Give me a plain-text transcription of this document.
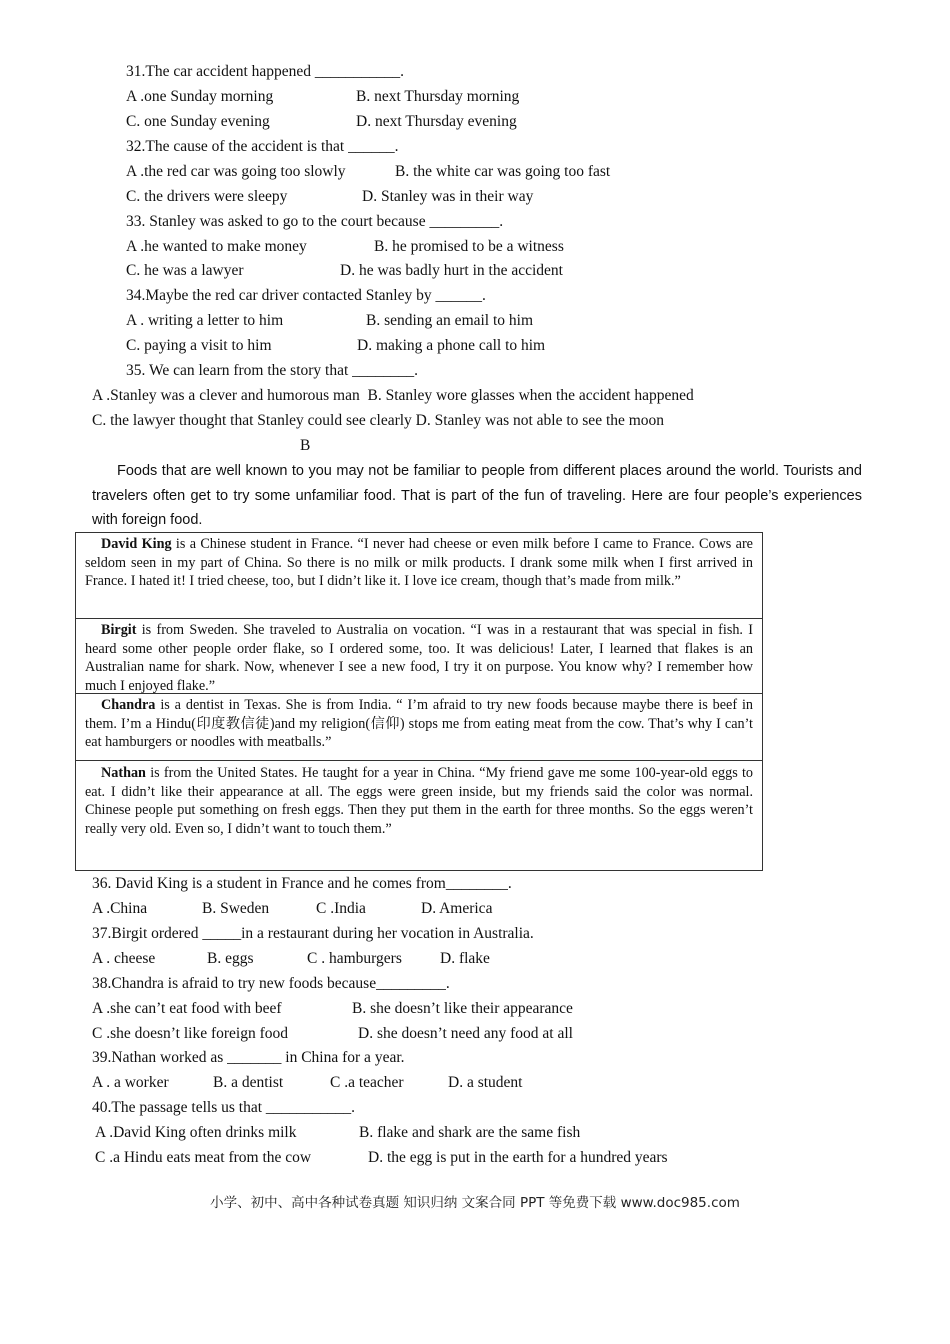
31.The car accident happened ___________.
A .one Sunday morning	B. next Thursday morning
C. one Sunday evening	D. next Thursday evening
32.The cause of the accident is that ______.
A .the red car was going too slowly	B. the white car was going too fast
C. the drivers were sleepy	D. Stanley was in their way
33. Stanley was asked to go to the court because _________.
A .he wanted to make money	B. he promised to be a witness
C. he was a lawyer	D. he was badly hurt in the accident
34.Maybe the red car driver contacted Stanley by ______.
A . writing a letter to him	B. sending an email to him
C. paying a visit to him	D. making a phone call to him
35. We can learn from the story that ________.
A .Stanley was a clever and humorous man  B. Stanley wore glasses when the accident happened
C. the lawyer thought that Stanley could see clearly D. Stanley was not able to see the moon
B
Foods that are well known to you may not be familiar to people from different places around the world. Tourists and travelers often get to try some unfamiliar food. That is part of the fun of traveling. Here are four people’s experiences with foreign food.
David King is a Chinese student in France. “I never had cheese or even milk before I came to France. Cows are seldom seen in my part of China. So there is no milk or milk products. I drank some milk when I first arrived in France. I hated it! I tried cheese, too, but I didn’t like it. I love ice cream, though that’s made from milk.”
Birgit is from Sweden. She traveled to Australia on vocation. “I was in a restaurant that was special in fish. I heard some other people order flake, so I ordered some, too. It was delicious! Later, I learned that flakes is an Australian name for shark. Now, whenever I see a new food, I try it on purpose. You know why? I remember how much I enjoyed flake.”
Chandra is a dentist in Texas. She is from India. “ I’m afraid to try new foods because maybe there is beef in them. I’m a Hindu(印度教信徒)and my religion(信仰) stops me from eating meat from the cow. That’s why I can’t eat hamburgers or noodles with meatballs.”
Nathan is from the United States. He taught for a year in China. “My friend gave me some 100-year-old eggs to eat. I didn’t like their appearance at all. The eggs were green inside, but my friends said the color was normal. Chinese people put something on fresh eggs. Then they put them in the earth for three months. So the eggs weren’t really very old. Even so, I didn’t want to touch them.”
36. David King is a student in France and he comes from________.
A .China	B. Sweden	C .India	D. America
37.Birgit ordered _____in a restaurant during her vocation in Australia.
A . cheese	B. eggs	C . hamburgers D. flake
38.Chandra is afraid to try new foods because_________.
A .she can’t eat food with beef	B. she doesn’t like their appearance
C .she doesn’t like foreign food	D. she doesn’t need any food at all
39.Nathan worked as _______ in China for a year.
A . a worker	B. a dentist	C .a teacher	D. a student
40.The passage tells us that ___________.
A .David King often drinks milk	B. flake and shark are the same fish
C .a Hindu eats meat from the cow	D. the egg is put in the earth for a hundred years
小学、初中、高中各种试卷真题 知识归纳 文案合同 PPT 等免费下载 www.doc985.com
